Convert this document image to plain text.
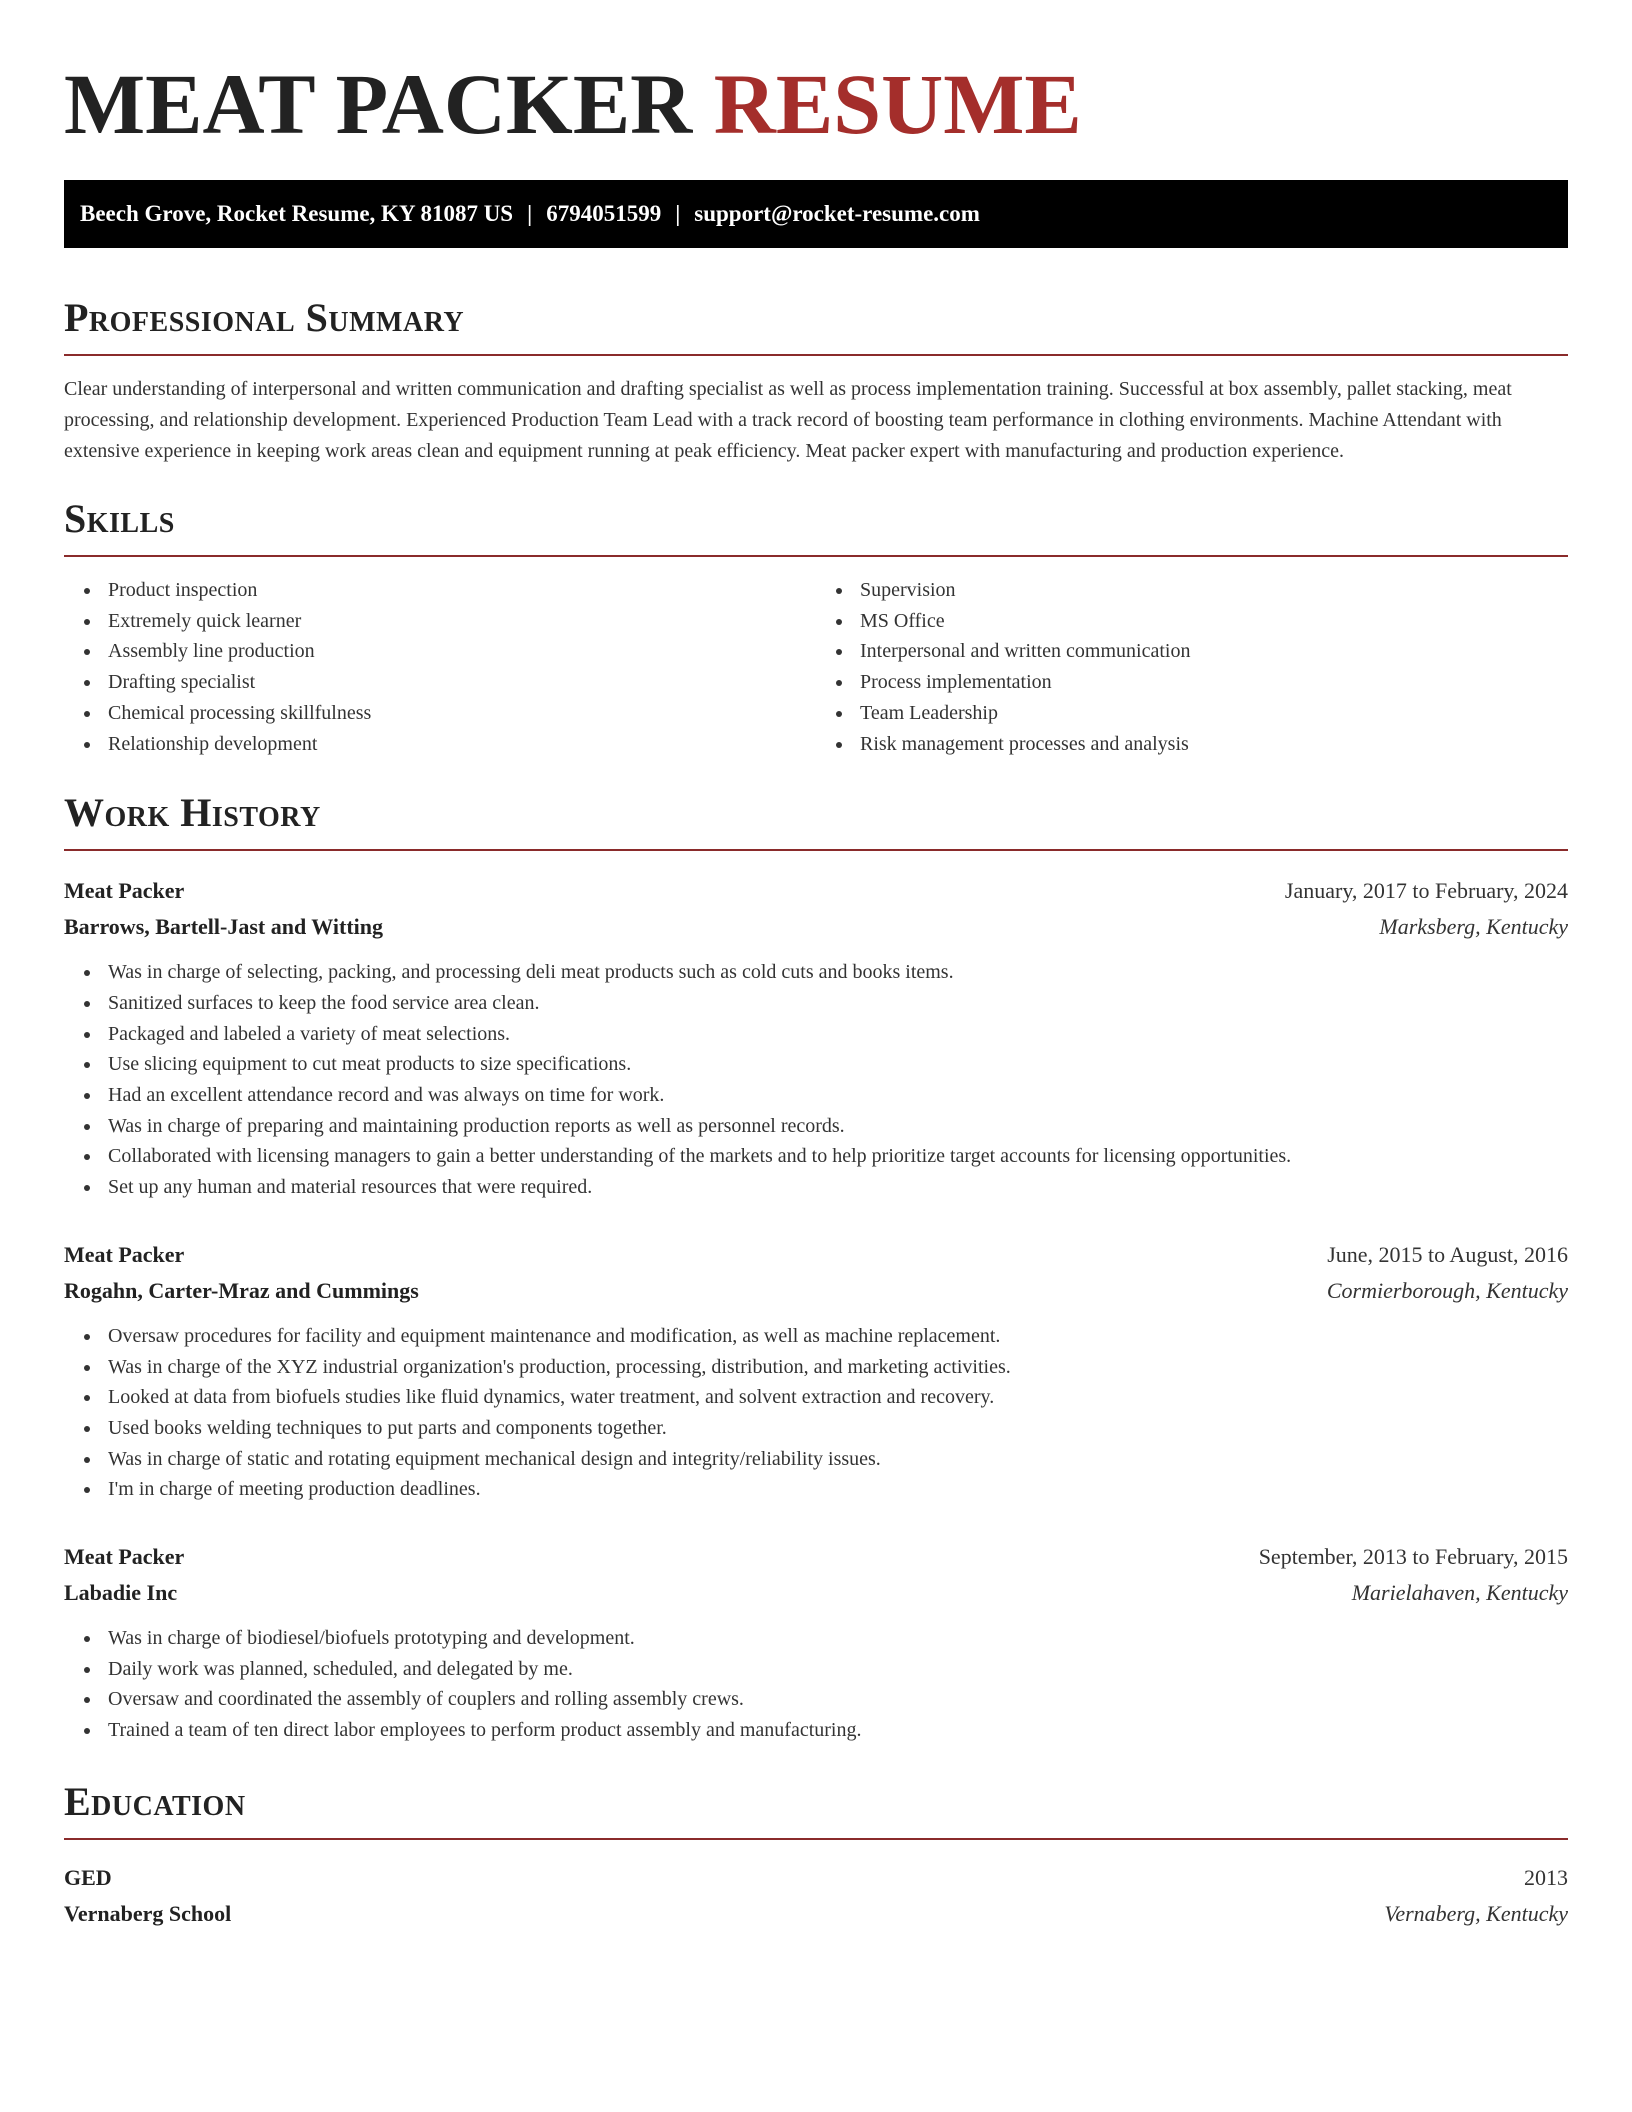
MEAT PACKER RESUME
Beech Grove, Rocket Resume, KY 81087 US | 6794051599 | support@rocket-resume.com
Professional Summary

Clear understanding of interpersonal and written communication and drafting specialist as well as process implementation training. Successful at box assembly, pallet stacking, meat processing, and relationship development. Experienced Production Team Lead with a track record of boosting team performance in clothing environments. Machine Attendant with extensive experience in keeping work areas clean and equipment running at peak efficiency. Meat packer expert with manufacturing and production experience.

Skills
Product inspection
Extremely quick learner
Assembly line production
Drafting specialist
Chemical processing skillfulness
Relationship development
Supervision
MS Office
Interpersonal and written communication
Process implementation
Team Leadership
Risk management processes and analysis
Work History
Meat Packer	January, 2017 to February, 2024
Barrows, Bartell-Jast and Witting	Marksberg, Kentucky
Was in charge of selecting, packing, and processing deli meat products such as cold cuts and books items.
Sanitized surfaces to keep the food service area clean.
Packaged and labeled a variety of meat selections.
Use slicing equipment to cut meat products to size specifications.
Had an excellent attendance record and was always on time for work.
Was in charge of preparing and maintaining production reports as well as personnel records.
Collaborated with licensing managers to gain a better understanding of the markets and to help prioritize target accounts for licensing opportunities.
Set up any human and material resources that were required.
Meat Packer	June, 2015 to August, 2016
Rogahn, Carter-Mraz and Cummings	Cormierborough, Kentucky
Oversaw procedures for facility and equipment maintenance and modification, as well as machine replacement.
Was in charge of the XYZ industrial organization's production, processing, distribution, and marketing activities.
Looked at data from biofuels studies like fluid dynamics, water treatment, and solvent extraction and recovery.
Used books welding techniques to put parts and components together.
Was in charge of static and rotating equipment mechanical design and integrity/reliability issues.
I'm in charge of meeting production deadlines.
Meat Packer	September, 2013 to February, 2015
Labadie Inc	Marielahaven, Kentucky
Was in charge of biodiesel/biofuels prototyping and development.
Daily work was planned, scheduled, and delegated by me.
Oversaw and coordinated the assembly of couplers and rolling assembly crews.
Trained a team of ten direct labor employees to perform product assembly and manufacturing.
Education
GED	2013
Vernaberg School	Vernaberg, Kentucky
